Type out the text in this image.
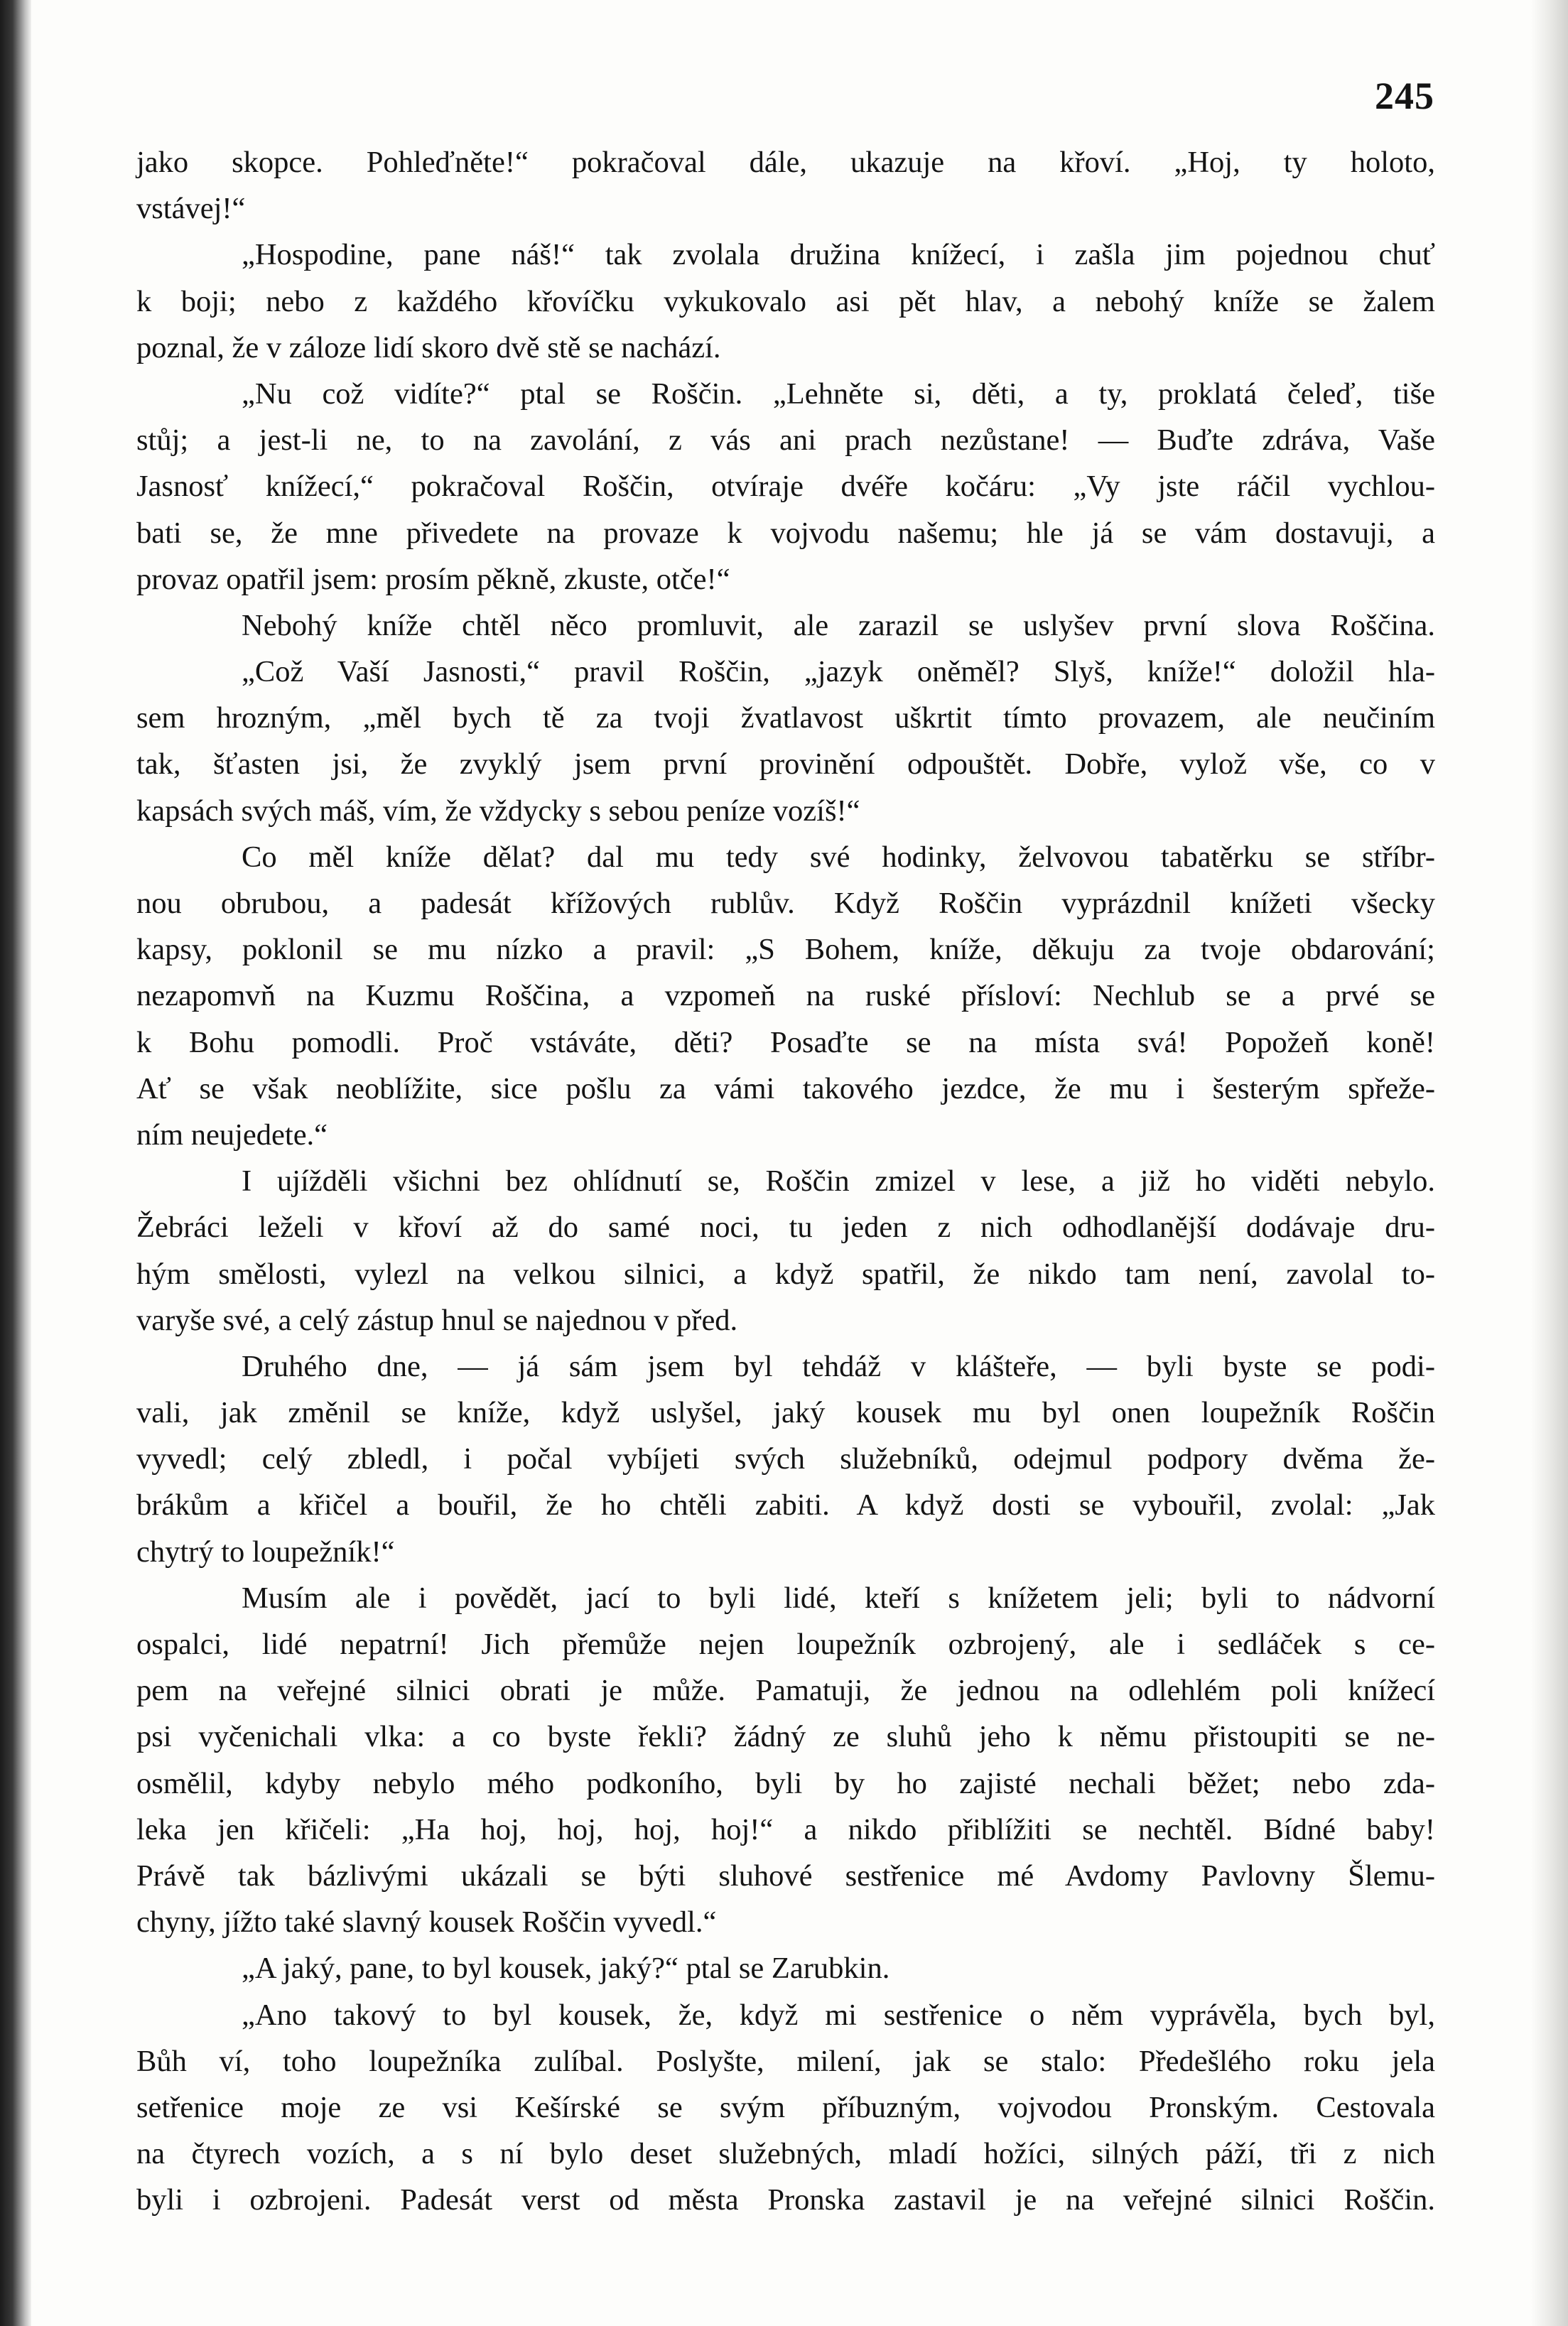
245
jako skopce. Pohleďněte!“ pokračoval dále, ukazuje na křoví. „Hoj, ty holoto,
vstávej!“
„Hospodine, pane náš!“ tak zvolala družina knížecí, i zašla jim pojednou chuť
k boji; nebo z každého křovíčku vykukovalo asi pět hlav, a nebohý kníže se žalem
poznal, že v záloze lidí skoro dvě stě se nachází.
„Nu což vidíte?“ ptal se Roščin. „Lehněte si, děti, a ty, proklatá čeleď, tiše
stůj; a jest-li ne, to na zavolání, z vás ani prach nezůstane! — Buďte zdráva, Vaše
Jasnosť knížecí,“ pokračoval Roščin, otvíraje dvéře kočáru: „Vy jste ráčil vychlou-
bati se, že mne přivedete na provaze k vojvodu našemu; hle já se vám dostavuji, a
provaz opatřil jsem: prosím pěkně, zkuste, otče!“
Nebohý kníže chtěl něco promluvit, ale zarazil se uslyšev první slova Roščina.
„Což Vaší Jasnosti,“ pravil Roščin, „jazyk oněměl? Slyš, kníže!“ doložil hla-
sem hrozným, „měl bych tě za tvoji žvatlavost uškrtit tímto provazem, ale neučiním
tak, šťasten jsi, že zvyklý jsem první provinění odpouštět. Dobře, vylož vše, co v
kapsách svých máš, vím, že vždycky s sebou peníze vozíš!“
Co měl kníže dělat? dal mu tedy své hodinky, želvovou tabatěrku se stříbr-
nou obrubou, a padesát křížových rublův. Když Roščin vyprázdnil knížeti všecky
kapsy, poklonil se mu nízko a pravil: „S Bohem, kníže, děkuju za tvoje obdarování;
nezapomvň na Kuzmu Roščina, a vzpomeň na ruské přísloví: Nechlub se a prvé se
k Bohu pomodli. Proč vstáváte, děti? Posaďte se na místa svá! Popožeň koně!
Ať se však neoblížite, sice pošlu za vámi takového jezdce, že mu i šesterým spřeže-
ním neujedete.“
I ujížděli všichni bez ohlídnutí se, Roščin zmizel v lese, a již ho viděti nebylo.
Žebráci leželi v křoví až do samé noci, tu jeden z nich odhodlanější dodávaje dru-
hým smělosti, vylezl na velkou silnici, a když spatřil, že nikdo tam není, zavolal to-
varyše své, a celý zástup hnul se najednou v před.
Druhého dne, — já sám jsem byl tehdáž v klášteře, — byli byste se podi-
vali, jak změnil se kníže, když uslyšel, jaký kousek mu byl onen loupežník Roščin
vyvedl; celý zbledl, i počal vybíjeti svých služebníků, odejmul podpory dvěma že-
brákům a křičel a bouřil, že ho chtěli zabiti. A když dosti se vybouřil, zvolal: „Jak
chytrý to loupežník!“
Musím ale i povědět, jací to byli lidé, kteří s knížetem jeli; byli to nádvorní
ospalci, lidé nepatrní! Jich přemůže nejen loupežník ozbrojený, ale i sedláček s ce-
pem na veřejné silnici obrati je může. Pamatuji, že jednou na odlehlém poli knížecí
psi vyčenichali vlka: a co byste řekli? žádný ze sluhů jeho k němu přistoupiti se ne-
osmělil, kdyby nebylo mého podkoního, byli by ho zajisté nechali běžet; nebo zda-
leka jen křičeli: „Ha hoj, hoj, hoj, hoj!“ a nikdo přiblížiti se nechtěl. Bídné baby!
Právě tak bázlivými ukázali se býti sluhové sestřenice mé Avdomy Pavlovny Šlemu-
chyny, jížto také slavný kousek Roščin vyvedl.“
„A jaký, pane, to byl kousek, jaký?“ ptal se Zarubkin.
„Ano takový to byl kousek, že, když mi sestřenice o něm vyprávěla, bych byl,
Bůh ví, toho loupežníka zulíbal. Poslyšte, milení, jak se stalo: Předešlého roku jela
setřenice moje ze vsi Kešírské se svým příbuzným, vojvodou Pronským. Cestovala
na čtyrech vozích, a s ní bylo deset služebných, mladí hožíci, silných páží, tři z nich
byli i ozbrojeni. Padesát verst od města Pronska zastavil je na veřejné silnici Roščin.
